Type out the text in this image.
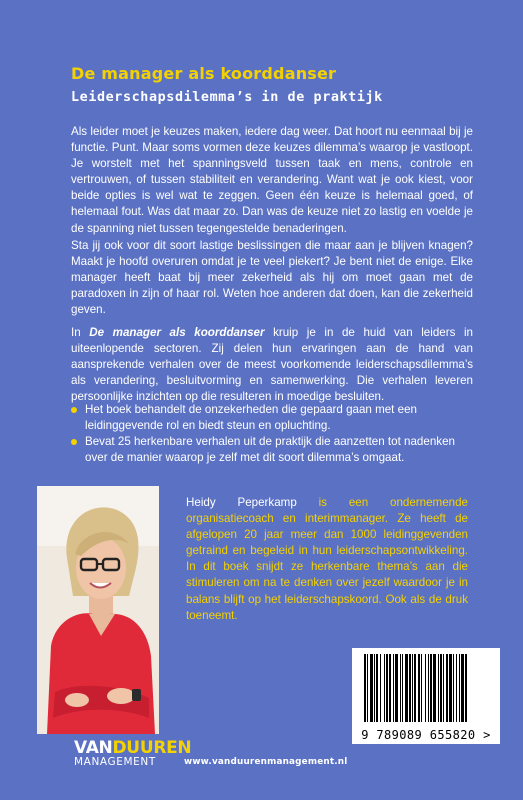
De manager als koorddanser
Leiderschapsdilemma’s in de praktijk

Als leider moet je keuzes maken, iedere dag weer. Dat hoort nu eenmaal bij je functie. Punt. Maar soms vormen deze keuzes dilemma’s waarop je vastloopt. Je worstelt met het spanningsveld tussen taak en mens, controle en vertrouwen, of tussen stabiliteit en verandering. Want wat je ook kiest, voor beide opties is wel wat te zeggen. Geen één keuze is helemaal goed, of helemaal fout. Was dat maar zo. Dan was de keuze niet zo lastig en voelde je de spanning niet tussen tegengestelde benaderingen.

Sta jij ook voor dit soort lastige beslissingen die maar aan je blijven knagen? Maakt je hoofd overuren omdat je te veel piekert? Je bent niet de enige. Elke manager heeft baat bij meer zekerheid als hij om moet gaan met de paradoxen in zijn of haar rol. Weten hoe anderen dat doen, kan die zekerheid geven.

In De manager als koorddanser kruip je in de huid van leiders in uiteenlopende sectoren. Zij delen hun ervaringen aan de hand van aansprekende verhalen over de meest voorkomende leiderschapsdilemma’s als verandering, besluitvorming en samenwerking. Die verhalen leveren persoonlijke inzichten op die resulteren in moedige besluiten.

Het boek behandelt de onzekerheden die gepaard gaan met een leidinggevende rol en biedt steun en opluchting.
Bevat 25 herkenbare verhalen uit de praktijk die aanzetten tot nadenken over de manier waarop je zelf met dit soort dilemma’s omgaat.

Heidy Peperkamp is een ondernemende organisatiecoach en interimmanager. Ze heeft de afgelopen 20 jaar meer dan 1000 leidinggevenden getraind en begeleid in hun leiderschapsontwikkeling. In dit boek snijdt ze herkenbare thema’s aan die stimuleren om na te denken over jezelf waardoor je in balans blijft op het leiderschapskoord. Ook als de druk toeneemt.

9 789089 655820 >
VANDUUREN
MANAGEMENT	www.vanduurenmanagement.nl
